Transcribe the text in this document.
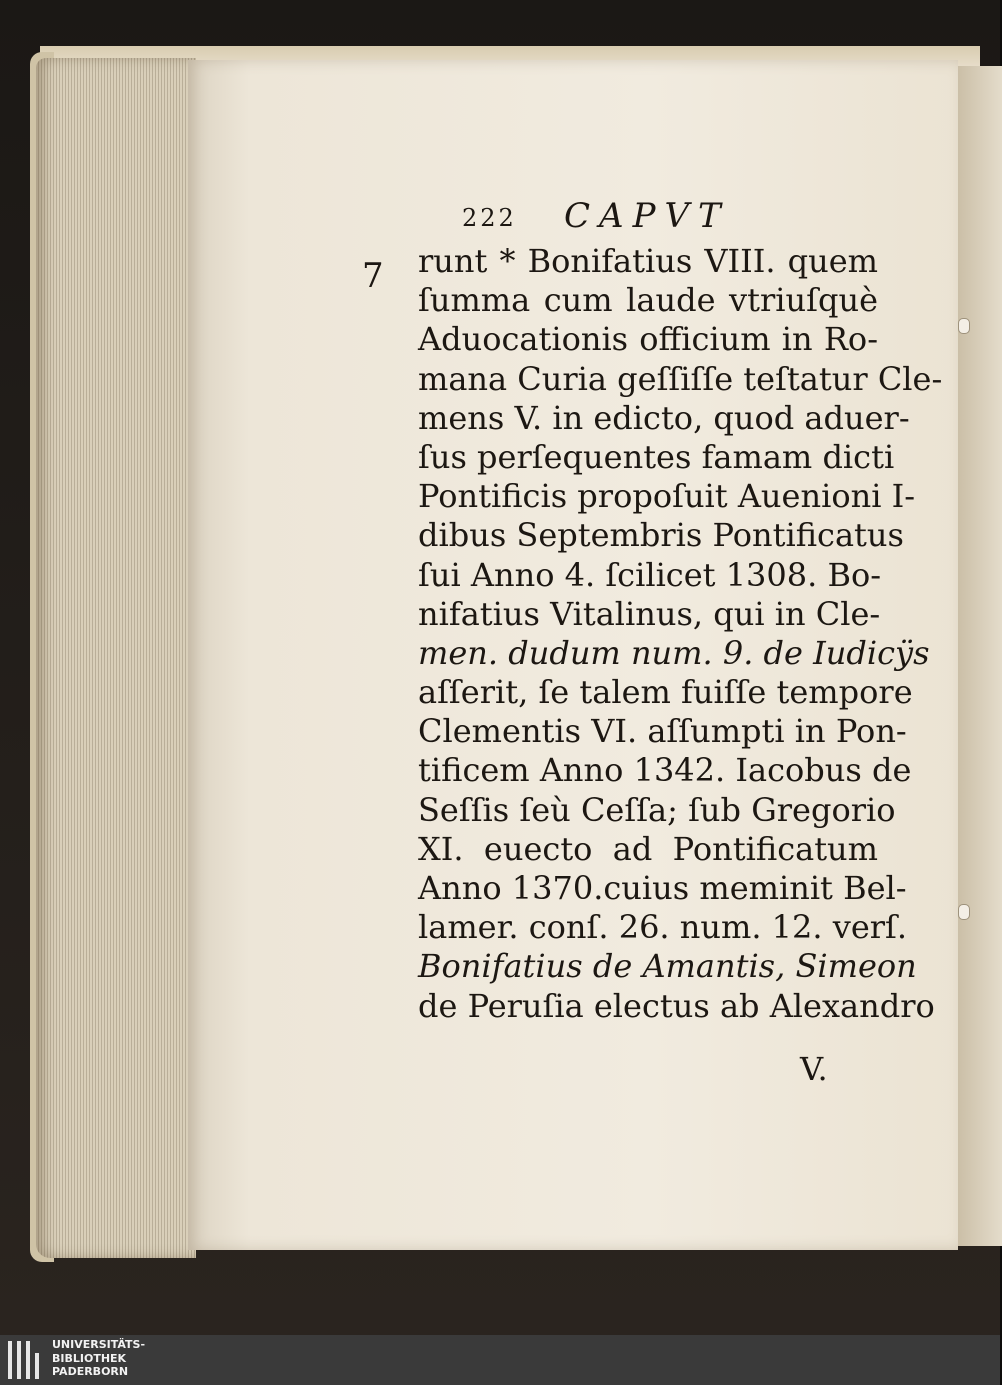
222 CAPVT
7 runt * Bonifatius VIII. quem
ſumma cum laude vtriuſquè
Aduocationis officium in Ro-
mana Curia geſſiſſe teſtatur Cle-
mens V. in edicto, quod aduer-
ſus perſequentes famam dicti
Pontificis propoſuit Auenioni I-
dibus Septembris Pontificatus
ſui Anno 4. ſcilicet 1308. Bo-
nifatius Vitalinus, qui in Cle-
men. dudum num. 9. de Iudicÿs
aſſerit, ſe talem fuiſſe tempore
Clementis VI. aſſumpti in Pon-
tificem Anno 1342. Iacobus de
Seſſis ſeù Ceſſa; ſub Gregorio
XI. euecto ad Pontificatum
Anno 1370.cuius meminit Bel-
lamer. conſ. 26. num. 12. verſ.
Bonifatius de Amantis, Simeon
de Peruſia electus ab Alexandro
V.
UNIVERSITÄTS-
BIBLIOTHEK
PADERBORN
